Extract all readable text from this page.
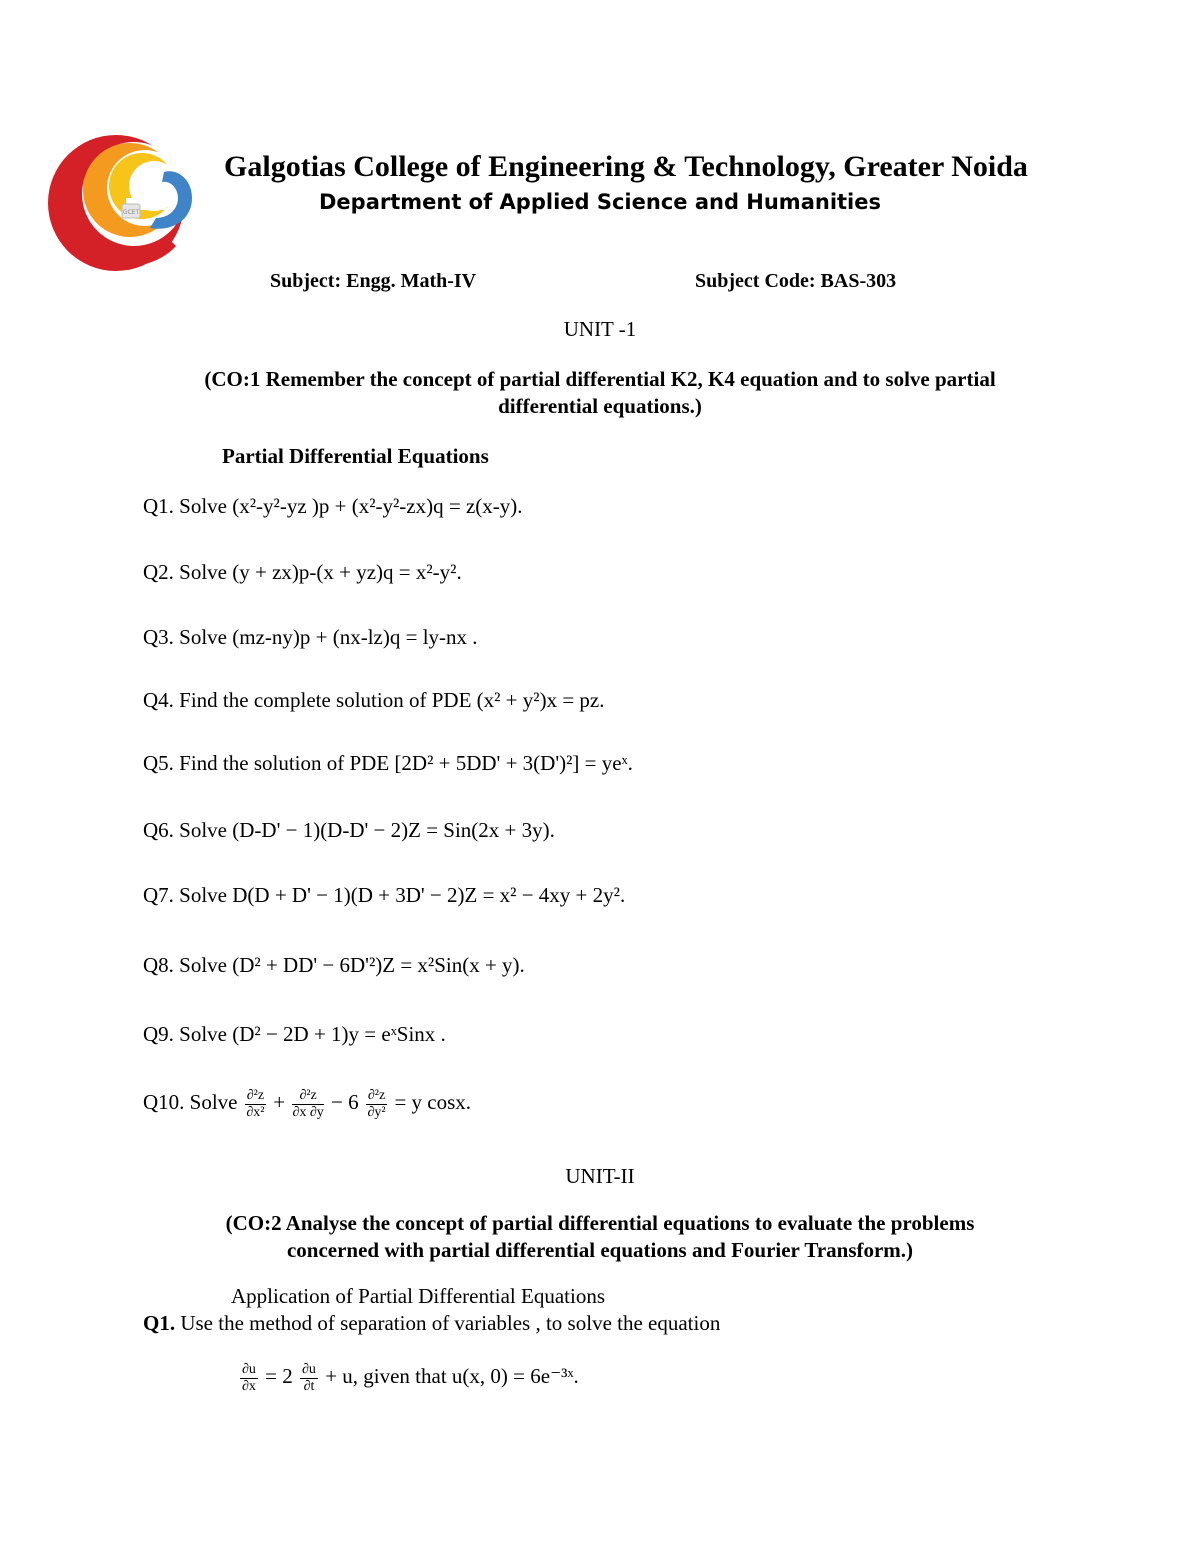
GCET
Galgotias College of Engineering & Technology, Greater Noida
Department of Applied Science and Humanities
Subject: Engg. Math-IV	Subject Code: BAS-303
UNIT -1
(CO:1 Remember the concept of partial differential K2, K4 equation and to solve partial
differential equations.)
Partial Differential Equations
Q1. Solve (x²-y²-yz )p + (x²-y²-zx)q = z(x-y).
Q2. Solve (y + zx)p-(x + yz)q = x²-y².
Q3. Solve (mz-ny)p + (nx-lz)q = ly-nx .
Q4. Find the complete solution of PDE (x² + y²)x = pz.
Q5. Find the solution of PDE [2D² + 5DD' + 3(D')²] = yeˣ.
Q6. Solve (D-D' − 1)(D-D' − 2)Z = Sin(2x + 3y).
Q7. Solve D(D + D' − 1)(D + 3D' − 2)Z = x² − 4xy + 2y².
Q8. Solve (D² + DD' − 6D'²)Z = x²Sin(x + y).
Q9. Solve (D² − 2D + 1)y = eˣSinx .
Q10. Solve $\frac{\text{∂²z}}{\text{∂x²}} + \frac{\text{∂²z}}{\partial x \partial y} - 6 \frac{\text{∂²z}}{\text{∂y²}} = y$ cosx.
UNIT-II
(CO:2 Analyse the concept of partial differential equations to evaluate the problems
concerned with partial differential equations and Fourier Transform.)
Application of Partial Differential Equations
Q1. Use the method of separation of variables , to solve the equation
$\frac{\partial u}{\partial x} = 2 \frac{\partial u}{\partial t} + u$, given that u(x, 0) = 6e⁻³ˣ.
